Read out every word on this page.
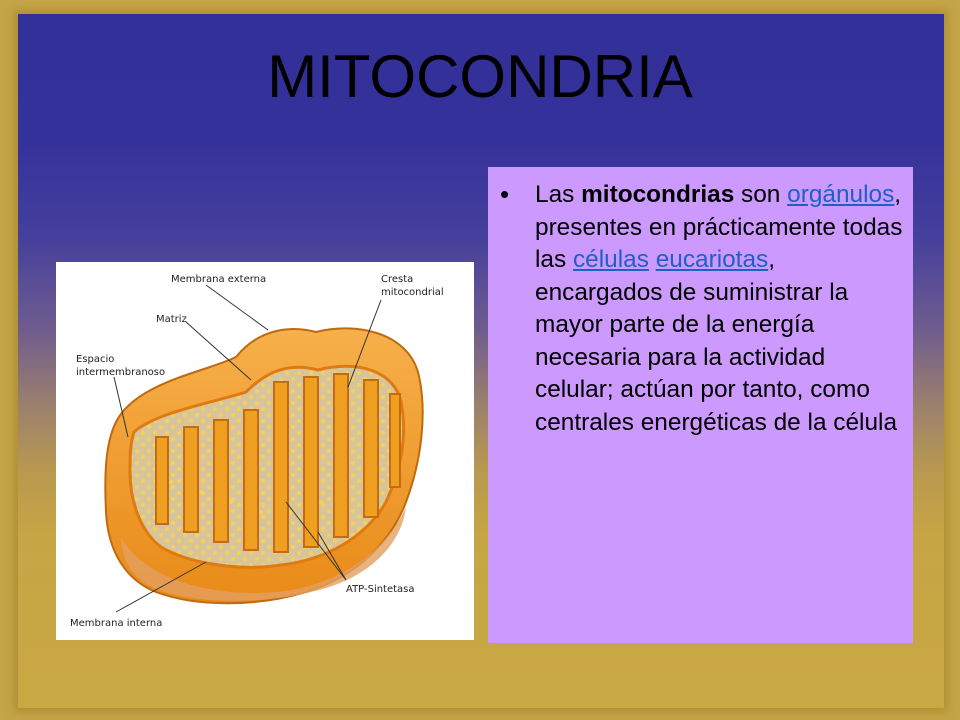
MITOCONDRIA
Membrana externa	Cresta
mitocondrial
Matriz
Espacio
intermembranoso
ATP-Sintetasa
Membrana interna
• Las mitocondrias son orgánulos, presentes en prácticamente todas las células eucariotas, encargados de suministrar la mayor parte de la energía necesaria para la actividad celular; actúan por tanto, como centrales energéticas de la célula
